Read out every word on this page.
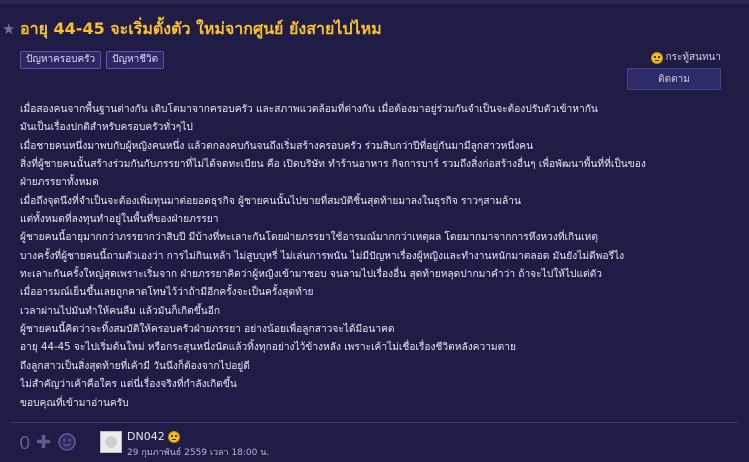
★ อายุ 44-45 จะเริ่มตั้งตัว ใหม่จากศูนย์ ยังสายไปไหม
ปัญหาครอบครัว	ปัญหาชีวิต	กระทู้สนทนา
ติดตาม
เมื่อสองคนจากพื้นฐานต่างกัน เติบโตมาจากครอบครัว และสภาพแวดล้อมที่ต่างกัน เมื่อต้องมาอยู่ร่วมกันจำเป็นจะต้องปรับตัวเข้าหากัน
มันเป็นเรื่องปกติสำหรับครอบครัวทั่วๆไป
เมื่อชายคนหนึ่งมาพบกับผู้หญิงคนหนึ่ง แล้วตกลงคบกันจนถึงเริ่มสร้างครอบครัว ร่วมสิบกว่าปีที่อยู่กันมามีลูกสาวหนึ่งคน
สิ่งที่ผู้ชายคนนั้นสร้างร่วมกันกับภรรยาที่ไม่ได้จดทะเบียน คือ เปิดบริษัท ทำร้านอาหาร กิจการบาร์ รวมถึงสิ่งก่อสร้างอื่นๆ เพื่อพัฒนาพื้นที่ที่เป็นของ
ฝ่ายภรรยาทั้งหมด
เมื่อถึงจุดนึงที่จำเป็นจะต้องเพิ่มทุนมาต่อยอดธุรกิจ ผู้ชายคนนั้นไปขายที่สมบัติชิ้นสุดท้ายมาลงในธุรกิจ ราวๆสามล้าน
แต่ทั้งหมดที่ลงทุนทำอยู่ในพื้นที่ของฝ่ายภรรยา
ผู้ชายคนนี้อายุมากกว่าภรรยากว่าสิบปี มีบ้างที่ทะเลาะกันโดยฝ่ายภรรยาใช้อารมณ์มากกว่าเหตุผล โดยมากมาจากการหึงหวงที่เกินเหตุ
บางครั้งที่ผู้ชายคนนี้ถามตัวเองว่า การไม่กินเหล้า ไม่สูบบุหรี่ ไม่เล่นการพนัน ไม่มีปัญหาเรื่องผู้หญิงและทำงานหนักมาตลอด มันยังไม่ดีพอรึไง
ทะเลาะกันครั้งใหญ่สุดเพราะเริ่มจาก ฝ่ายภรรยาคิดว่าผู้หญิงเข้ามาชอบ จนลามไปเรื่องอื่น สุดท้ายหลุดปากมาคำว่า ถ้าจะไปให้ไปแต่ตัว
เมื่ออารมณ์เย็นขึ้นเลยถูกคาดโทษไว้ว่าถ้ามีอีกครั้งจะเป็นครั้งสุดท้าย
เวลาผ่านไปมันทำให้คนลืม แล้วมันก็เกิดขึ้นอีก
ผู้ชายคนนี้คิดว่าจะทิ้งสมบัติให้ครอบครัวฝ่ายภรรยา อย่างน้อยเพื่อลูกสาวจะได้มีอนาคต
อายุ 44-45 จะไปเริ่มต้นใหม่ หรือกระสุนหนึ่งนัดแล้วทิ้งทุกอย่างไว้ข้างหลัง เพราะเค้าไม่เชื่อเรื่องชีวิตหลังความตาย
ถึงลูกสาวเป็นสิ่งสุดท้ายที่เค้ามี วันนึงก็ต้องจากไปอยู่ดี
ไม่สำคัญว่าเค้าคือใคร แต่นี่เรื่องจริงที่กำลังเกิดขึ้น
ขอบคุณที่เข้ามาอ่านครับ
0 ✚	DN042
29 กุมภาพันธ์ 2559 เวลา 18:00 น.
